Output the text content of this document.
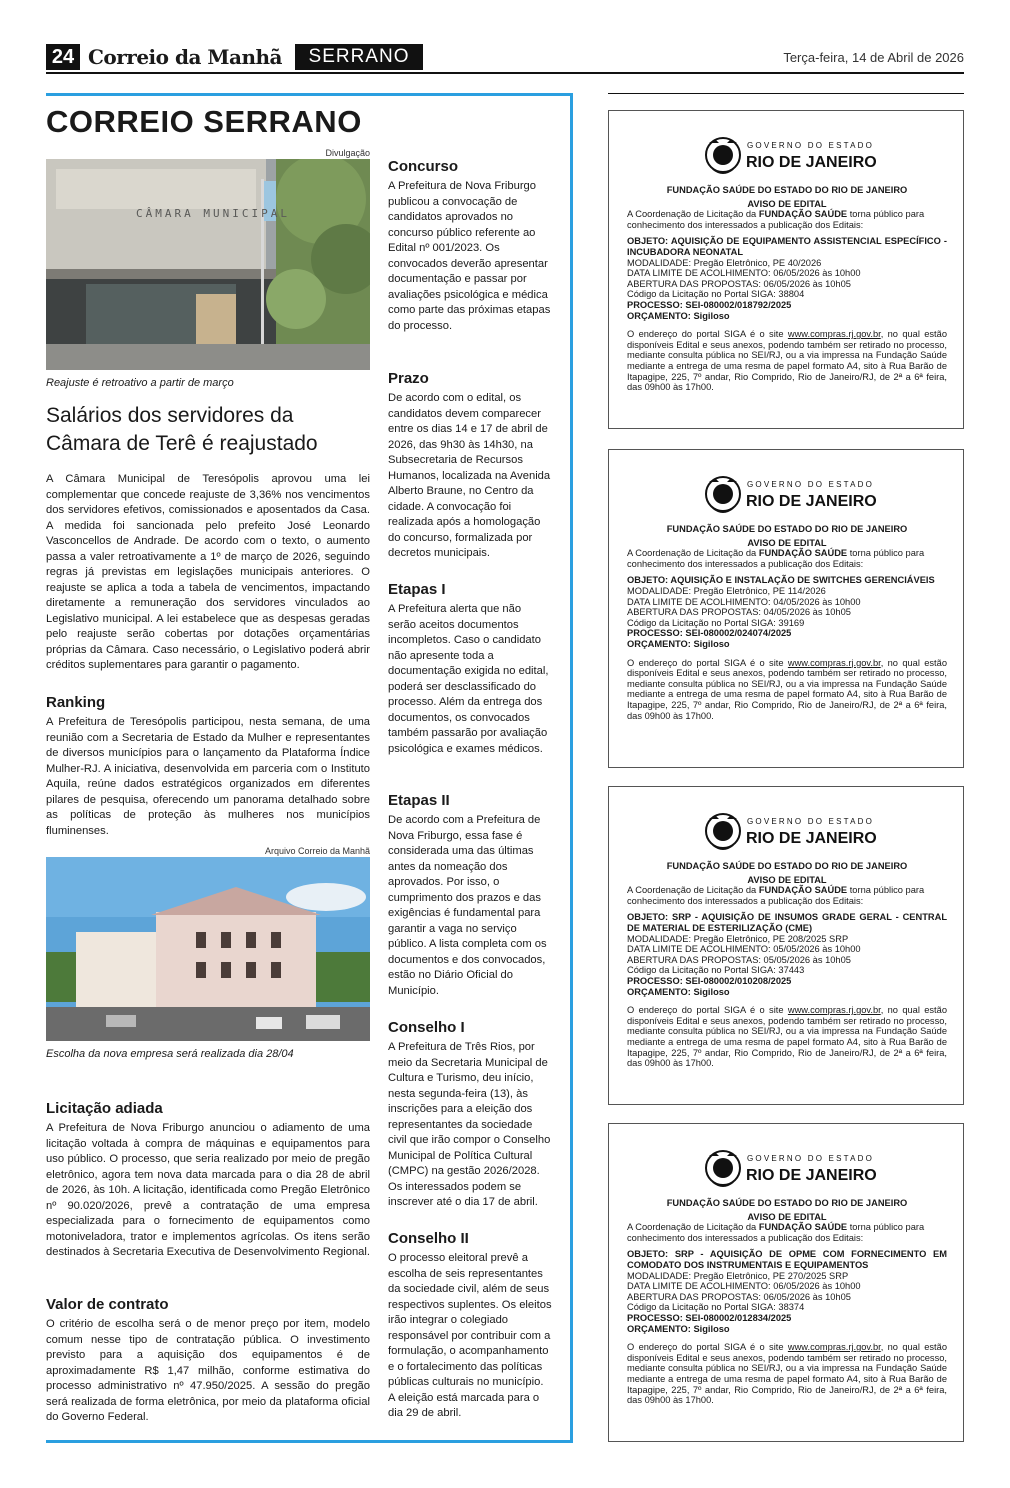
24 Correio da Manhã	SERRANO	Terça-feira, 14 de Abril de 2026
CORREIO SERRANO
Divulgação
CÂMARA MUNICIPAL
Reajuste é retroativo a partir de março
Salários dos servidores da Câmara de Terê é reajustado

A Câmara Municipal de Teresópolis aprovou uma lei complementar que concede reajuste de 3,36% nos vencimentos dos servidores efetivos, comissionados e aposentados da Casa. A medida foi sancionada pelo prefeito José Leonardo Vasconcellos de Andrade. De acordo com o texto, o aumento passa a valer retroativamente a 1º de março de 2026, seguindo regras já previstas em legislações municipais anteriores. O reajuste se aplica a toda a tabela de vencimentos, impactando diretamente a remuneração dos servidores vinculados ao Legislativo municipal. A lei estabelece que as despesas geradas pelo reajuste serão cobertas por dotações orçamentárias próprias da Câmara. Caso necessário, o Legislativo poderá abrir créditos suplementares para garantir o pagamento.

Ranking

A Prefeitura de Teresópolis participou, nesta semana, de uma reunião com a Secretaria de Estado da Mulher e representantes de diversos municípios para o lançamento da Plataforma Índice Mulher-RJ. A iniciativa, desenvolvida em parceria com o Instituto Aquila, reúne dados estratégicos organizados em diferentes pilares de pesquisa, oferecendo um panorama detalhado sobre as políticas de proteção às mulheres nos municípios fluminenses.

Arquivo Correio da Manhã
Escolha da nova empresa será realizada dia 28/04
Licitação adiada

A Prefeitura de Nova Friburgo anunciou o adiamento de uma licitação voltada à compra de máquinas e equipamentos para uso público. O processo, que seria realizado por meio de pregão eletrônico, agora tem nova data marcada para o dia 28 de abril de 2026, às 10h. A licitação, identificada como Pregão Eletrônico nº 90.020/2026, prevê a contratação de uma empresa especializada para o fornecimento de equipamentos como motoniveladora, trator e implementos agrícolas. Os itens serão destinados à Secretaria Executiva de Desenvolvimento Regional.

Valor de contrato

O critério de escolha será o de menor preço por item, modelo comum nesse tipo de contratação pública. O investimento previsto para a aquisição dos equipamentos é de aproximadamente R$ 1,47 milhão, conforme estimativa do processo administrativo nº 47.950/2025. A sessão do pregão será realizada de forma eletrônica, por meio da plataforma oficial do Governo Federal.

Concurso

A Prefeitura de Nova Friburgo publicou a convocação de candidatos aprovados no concurso público referente ao Edital nº 001/2023. Os convocados deverão apresentar documentação e passar por avaliações psicológica e médica como parte das próximas etapas do processo.

Prazo

De acordo com o edital, os candidatos devem comparecer entre os dias 14 e 17 de abril de 2026, das 9h30 às 14h30, na Subsecretaria de Recursos Humanos, localizada na Avenida Alberto Braune, no Centro da cidade. A convocação foi realizada após a homologação do concurso, formalizada por decretos municipais.

Etapas I

A Prefeitura alerta que não serão aceitos documentos incompletos. Caso o candidato não apresente toda a documentação exigida no edital, poderá ser desclassificado do processo. Além da entrega dos documentos, os convocados também passarão por avaliação psicológica e exames médicos.

Etapas II

De acordo com a Prefeitura de Nova Friburgo, essa fase é considerada uma das últimas antes da nomeação dos aprovados. Por isso, o cumprimento dos prazos e das exigências é fundamental para garantir a vaga no serviço público. A lista completa com os documentos e dos convocados, estão no Diário Oficial do Município.

Conselho I

A Prefeitura de Três Rios, por meio da Secretaria Municipal de Cultura e Turismo, deu início, nesta segunda-feira (13), às inscrições para a eleição dos representantes da sociedade civil que irão compor o Conselho Municipal de Política Cultural (CMPC) na gestão 2026/2028. Os interessados podem se inscrever até o dia 17 de abril.

Conselho II

O processo eleitoral prevê a escolha de seis representantes da sociedade civil, além de seus respectivos suplentes. Os eleitos irão integrar o colegiado responsável por contribuir com a formulação, o acompanhamento e o fortalecimento das políticas públicas culturais no município. A eleição está marcada para o dia 29 de abril.

GOVERNO DO ESTADO
RIO DE JANEIRO
FUNDAÇÃO SAÚDE DO ESTADO DO RIO DE JANEIRO
AVISO DE EDITAL
A Coordenação de Licitação da FUNDAÇÃO SAÚDE torna público para conhecimento dos interessados a publicação dos Editais:
OBJETO: AQUISIÇÃO DE EQUIPAMENTO ASSISTENCIAL ESPECÍFICO - INCUBADORA NEONATAL
MODALIDADE: Pregão Eletrônico, PE 40/2026
DATA LIMITE DE ACOLHIMENTO: 06/05/2026 às 10h00
ABERTURA DAS PROPOSTAS: 06/05/2026 às 10h05
Código da Licitação no Portal SIGA: 38804
PROCESSO: SEI-080002/018792/2025
ORÇAMENTO: Sigiloso
O endereço do portal SIGA é o site www.compras.rj.gov.br, no qual estão disponíveis Edital e seus anexos, podendo também ser retirado no processo, mediante consulta pública no SEI/RJ, ou a via impressa na Fundação Saúde mediante a entrega de uma resma de papel formato A4, sito à Rua Barão de Itapagipe, 225, 7º andar, Rio Comprido, Rio de Janeiro/RJ, de 2ª a 6ª feira, das 09h00 às 17h00.
GOVERNO DO ESTADO
RIO DE JANEIRO
FUNDAÇÃO SAÚDE DO ESTADO DO RIO DE JANEIRO
AVISO DE EDITAL
A Coordenação de Licitação da FUNDAÇÃO SAÚDE torna público para conhecimento dos interessados a publicação dos Editais:
OBJETO: AQUISIÇÃO E INSTALAÇÃO DE SWITCHES GERENCIÁVEIS
MODALIDADE: Pregão Eletrônico, PE 114/2026
DATA LIMITE DE ACOLHIMENTO: 04/05/2026 às 10h00
ABERTURA DAS PROPOSTAS: 04/05/2026 às 10h05
Código da Licitação no Portal SIGA: 39169
PROCESSO: SEI-080002/024074/2025
ORÇAMENTO: Sigiloso
O endereço do portal SIGA é o site www.compras.rj.gov.br, no qual estão disponíveis Edital e seus anexos, podendo também ser retirado no processo, mediante consulta pública no SEI/RJ, ou a via impressa na Fundação Saúde mediante a entrega de uma resma de papel formato A4, sito à Rua Barão de Itapagipe, 225, 7º andar, Rio Comprido, Rio de Janeiro/RJ, de 2ª a 6ª feira, das 09h00 às 17h00.
GOVERNO DO ESTADO
RIO DE JANEIRO
FUNDAÇÃO SAÚDE DO ESTADO DO RIO DE JANEIRO
AVISO DE EDITAL
A Coordenação de Licitação da FUNDAÇÃO SAÚDE torna público para conhecimento dos interessados a publicação dos Editais:
OBJETO: SRP - AQUISIÇÃO DE INSUMOS GRADE GERAL - CENTRAL DE MATERIAL DE ESTERILIZAÇÃO (CME)
MODALIDADE: Pregão Eletrônico, PE 208/2025 SRP
DATA LIMITE DE ACOLHIMENTO: 05/05/2026 às 10h00
ABERTURA DAS PROPOSTAS: 05/05/2026 às 10h05
Código da Licitação no Portal SIGA: 37443
PROCESSO: SEI-080002/010208/2025
ORÇAMENTO: Sigiloso
O endereço do portal SIGA é o site www.compras.rj.gov.br, no qual estão disponíveis Edital e seus anexos, podendo também ser retirado no processo, mediante consulta pública no SEI/RJ, ou a via impressa na Fundação Saúde mediante a entrega de uma resma de papel formato A4, sito à Rua Barão de Itapagipe, 225, 7º andar, Rio Comprido, Rio de Janeiro/RJ, de 2ª a 6ª feira, das 09h00 às 17h00.
GOVERNO DO ESTADO
RIO DE JANEIRO
FUNDAÇÃO SAÚDE DO ESTADO DO RIO DE JANEIRO
AVISO DE EDITAL
A Coordenação de Licitação da FUNDAÇÃO SAÚDE torna público para conhecimento dos interessados a publicação dos Editais:
OBJETO: SRP - AQUISIÇÃO DE OPME COM FORNECIMENTO EM COMODATO DOS INSTRUMENTAIS E EQUIPAMENTOS
MODALIDADE: Pregão Eletrônico, PE 270/2025 SRP
DATA LIMITE DE ACOLHIMENTO: 06/05/2026 às 10h00
ABERTURA DAS PROPOSTAS: 06/05/2026 às 10h05
Código da Licitação no Portal SIGA: 38374
PROCESSO: SEI-080002/012834/2025
ORÇAMENTO: Sigiloso
O endereço do portal SIGA é o site www.compras.rj.gov.br, no qual estão disponíveis Edital e seus anexos, podendo também ser retirado no processo, mediante consulta pública no SEI/RJ, ou a via impressa na Fundação Saúde mediante a entrega de uma resma de papel formato A4, sito à Rua Barão de Itapagipe, 225, 7º andar, Rio Comprido, Rio de Janeiro/RJ, de 2ª a 6ª feira, das 09h00 às 17h00.
